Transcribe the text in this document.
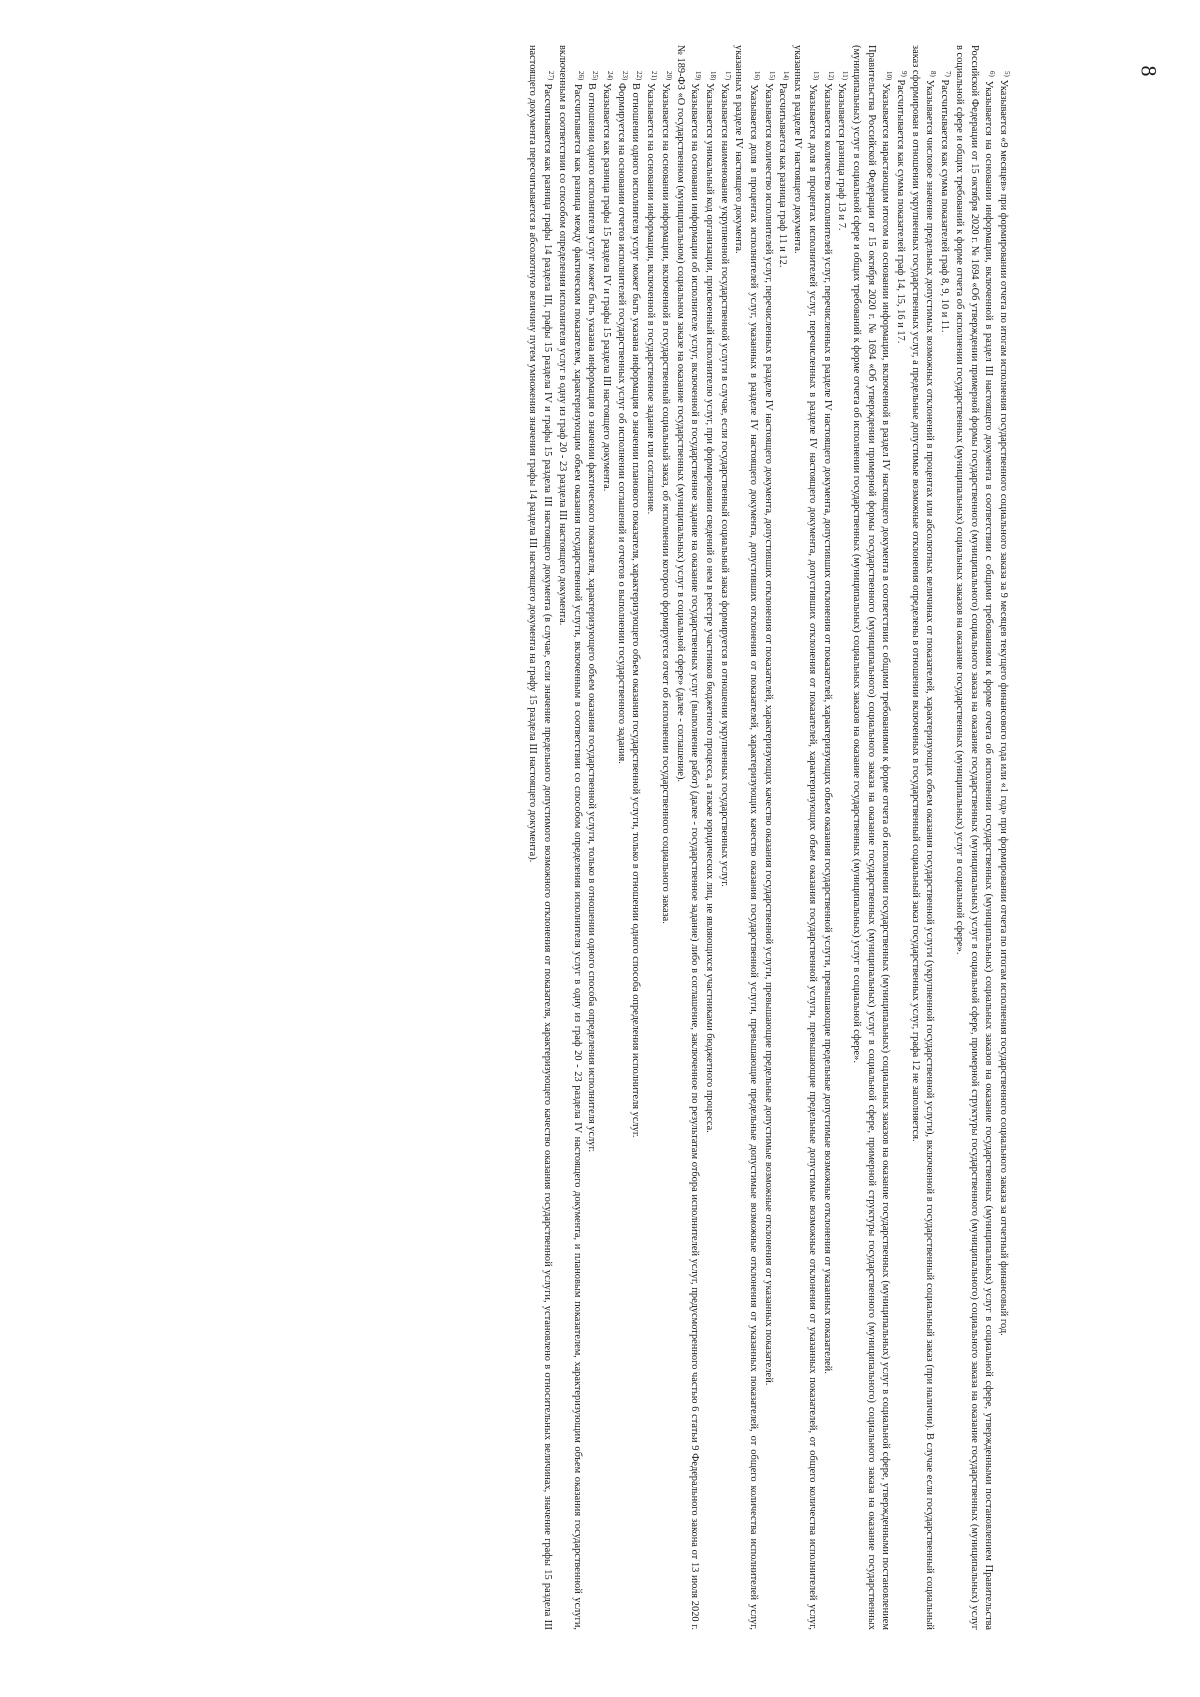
8

$^{5)}$ Указывается «9 месяцев» при формировании отчета по итогам исполнения государственного социального заказа за 9 месяцев текущего финансового года или «1 год» при формировании отчета по итогам исполнения государственного социального заказа за отчетный финансовый год.

$^{6)}$ Указывается на основании информации, включенной в раздел III настоящего документа в соответствии с общими требованиями к форме отчета об исполнении государственных (муниципальных) социальных заказов на оказание государственных (муниципальных) услуг в социальной сфере, утвержденными постановлением Правительства Российской Федерации от 15 октября 2020 г. № 1694 «Об утверждении примерной формы государственного (муниципального) социального заказа на оказание государственных (муниципальных) услуг в социальной сфере, примерной структуры государственного (муниципального) социального заказа на оказание государственных (муниципальных) услуг в социальной сфере и общих требований к форме отчета об исполнении государственных (муниципальных) социальных заказов на оказание государственных (муниципальных) услуг в социальной сфере».

$^{7)}$ Рассчитывается как сумма показателей граф 8, 9, 10 и 11.

$^{8)}$ Указывается числовое значение предельных допустимых возможных отклонений в процентах или абсолютных величинах от показателей, характеризующих объем оказания государственной услуги (укрупненной государственной услуги), включенной в государственный социальный заказ (при наличии). В случае если государственный социальный заказ сформирован в отношении укрупненных государственных услуг, а предельные допустимые возможные отклонения определены в отношении включенных в государственный социальный заказ государственных услуг, графа 12 не заполняется.

$^{9)}$ Рассчитывается как сумма показателей граф 14, 15, 16 и 17.

$^{10)}$ Указывается нарастающим итогом на основании информации, включенной в раздел IV настоящего документа в соответствии с общими требованиями к форме отчета об исполнении государственных (муниципальных) социальных заказов на оказание государственных (муниципальных) услуг в социальной сфере, утвержденными постановлением Правительства Российской Федерации от 15 октября 2020 г. № 1694 «Об утверждении примерной формы государственного (муниципального) социального заказа на оказание государственных (муниципальных) услуг в социальной сфере, примерной структуры государственного (муниципального) социального заказа на оказание государственных (муниципальных) услуг в социальной сфере и общих требований к форме отчета об исполнении государственных (муниципальных) социальных заказов на оказание государственных (муниципальных) услуг в социальной сфере».

$^{11)}$ Указывается разница граф 13 и 7.

$^{12)}$ Указывается количество исполнителей услуг, перечисленных в разделе IV настоящего документа, допустивших отклонения от показателей, характеризующих объем оказания государственной услуги, превышающие предельные допустимые возможные отклонения от указанных показателей.

$^{13)}$ Указывается доля в процентах исполнителей услуг, перечисленных в разделе IV настоящего документа, допустивших отклонения от показателей, характеризующих объем оказания государственной услуги, превышающие предельные допустимые возможные отклонения от указанных показателей, от общего количества исполнителей услуг, указанных в разделе IV настоящего документа.

$^{14)}$ Рассчитывается как разница граф 11 и 12.

$^{15)}$ Указывается количество исполнителей услуг, перечисленных в разделе IV настоящего документа, допустивших отклонения от показателей, характеризующих качество оказания государственной услуги, превышающие предельные допустимые возможные отклонения от указанных показателей.

$^{16)}$ Указывается доля в процентах исполнителей услуг, указанных в разделе IV настоящего документа, допустивших отклонения от показателей, характеризующих качество оказания государственной услуги, превышающие предельные допустимые возможные отклонения от указанных показателей, от общего количества исполнителей услуг, указанных в разделе IV настоящего документа.

$^{17)}$ Указывается наименование укрупненной государственной услуги в случае, если государственный социальный заказ формируется в отношении укрупненных государственных услуг.

$^{18)}$ Указывается уникальный код организации, присвоенный исполнителю услуг, при формировании сведений о нем в реестре участников бюджетного процесса, а также юридических лиц, не являющихся участниками бюджетного процесса.

$^{19)}$ Указывается на основании информации об исполнителе услуг, включенной в государственное задание на оказание государственных услуг (выполнение работ) (далее - государственное задание) либо в соглашение, заключенное по результатам отбора исполнителей услуг, предусмотренного частью 6 статьи 9 Федерального закона от 13 июля 2020 г. № 189-ФЗ «О государственном (муниципальном) социальном заказе на оказание государственных (муниципальных) услуг в социальной сфере» (далее - соглашение).

$^{20)}$ Указывается на основании информации, включенной в государственный социальный заказ, об исполнении которого формируется отчет об исполнении государственного социального заказа.

$^{21)}$ Указывается на основании информации, включенной в государственное задание или соглашение.

$^{22)}$ В отношении одного исполнителя услуг может быть указана информация о значении планового показателя, характеризующего объем оказания государственной услуги, только в отношении одного способа определения исполнителя услуг.

$^{23)}$ Формируется на основании отчетов исполнителей государственных услуг об исполнении соглашений и отчетов о выполнении государственного задания.

$^{24)}$ Указывается как разница графы 15 раздела IV и графы 15 раздела III настоящего документа.

$^{25)}$ В отношении одного исполнителя услуг может быть указана информация о значении фактического показателя, характеризующего объем оказания государственной услуги, только в отношении одного способа определения исполнителя услуг.

$^{26)}$ Рассчитывается как разница между фактическим показателем, характеризующим объем оказания государственной услуги, включенным в соответствии со способом определения исполнителя услуг в одну из граф 20 - 23 раздела IV настоящего документа, и плановым показателем, характеризующим объем оказания государственной услуги, включенным в соответствии со способом определения исполнителя услуг в одну из граф 20 - 23 раздела III настоящего документа.

$^{27)}$ Рассчитывается как разница графы 14 раздела III, графы 15 раздела IV и графы 15 раздела III настоящего документа (в случае, если значение предельного допустимого возможного отклонения от показателя, характеризующего качество оказания государственной услуги, установлено в относительных величинах, значение графы 15 раздела III настоящего документа пересчитывается в абсолютную величину путем умножения значения графы 14 раздела III настоящего документа на графу 15 раздела III настоящего документа).
